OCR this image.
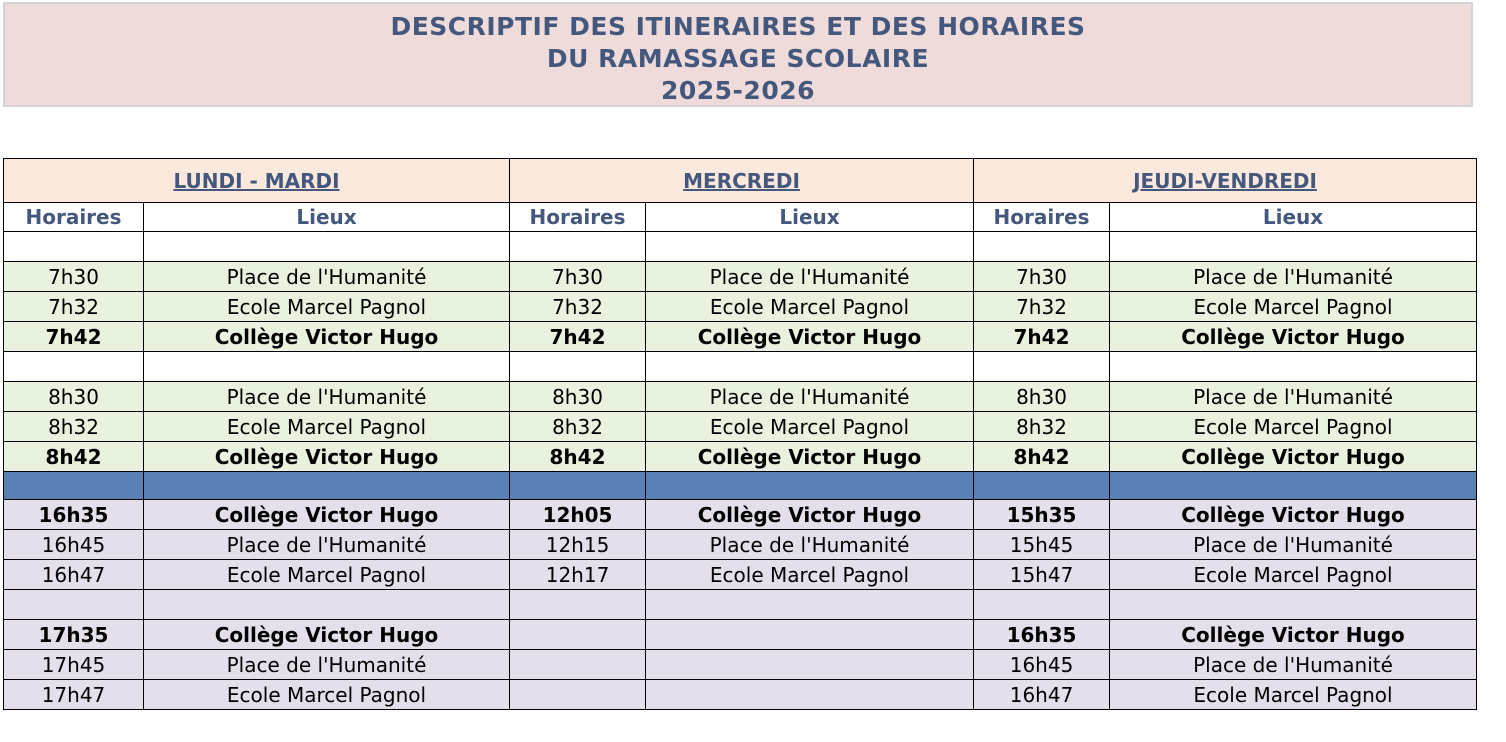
DESCRIPTIF DES ITINERAIRES ET DES HORAIRES
DU RAMASSAGE SCOLAIRE
2025-2026
LUNDI - MARDI		MERCREDI		JEUDI-VENDREDI	
Horaires	Lieux	Horaires	Lieux	Horaires	Lieux

7h30	Place de l'Humanité	7h30	Place de l'Humanité	7h30	Place de l'Humanité
7h32	Ecole Marcel Pagnol	7h32	Ecole Marcel Pagnol	7h32	Ecole Marcel Pagnol
7h42	Collège Victor Hugo	7h42	Collège Victor Hugo	7h42	Collège Victor Hugo

8h30	Place de l'Humanité	8h30	Place de l'Humanité	8h30	Place de l'Humanité
8h32	Ecole Marcel Pagnol	8h32	Ecole Marcel Pagnol	8h32	Ecole Marcel Pagnol
8h42	Collège Victor Hugo	8h42	Collège Victor Hugo	8h42	Collège Victor Hugo

16h35	Collège Victor Hugo	12h05	Collège Victor Hugo	15h35	Collège Victor Hugo
16h45	Place de l'Humanité	12h15	Place de l'Humanité	15h45	Place de l'Humanité
16h47	Ecole Marcel Pagnol	12h17	Ecole Marcel Pagnol	15h47	Ecole Marcel Pagnol

17h35	Collège Victor Hugo			16h35	Collège Victor Hugo
17h45	Place de l'Humanité			16h45	Place de l'Humanité
17h47	Ecole Marcel Pagnol			16h47	Ecole Marcel Pagnol
